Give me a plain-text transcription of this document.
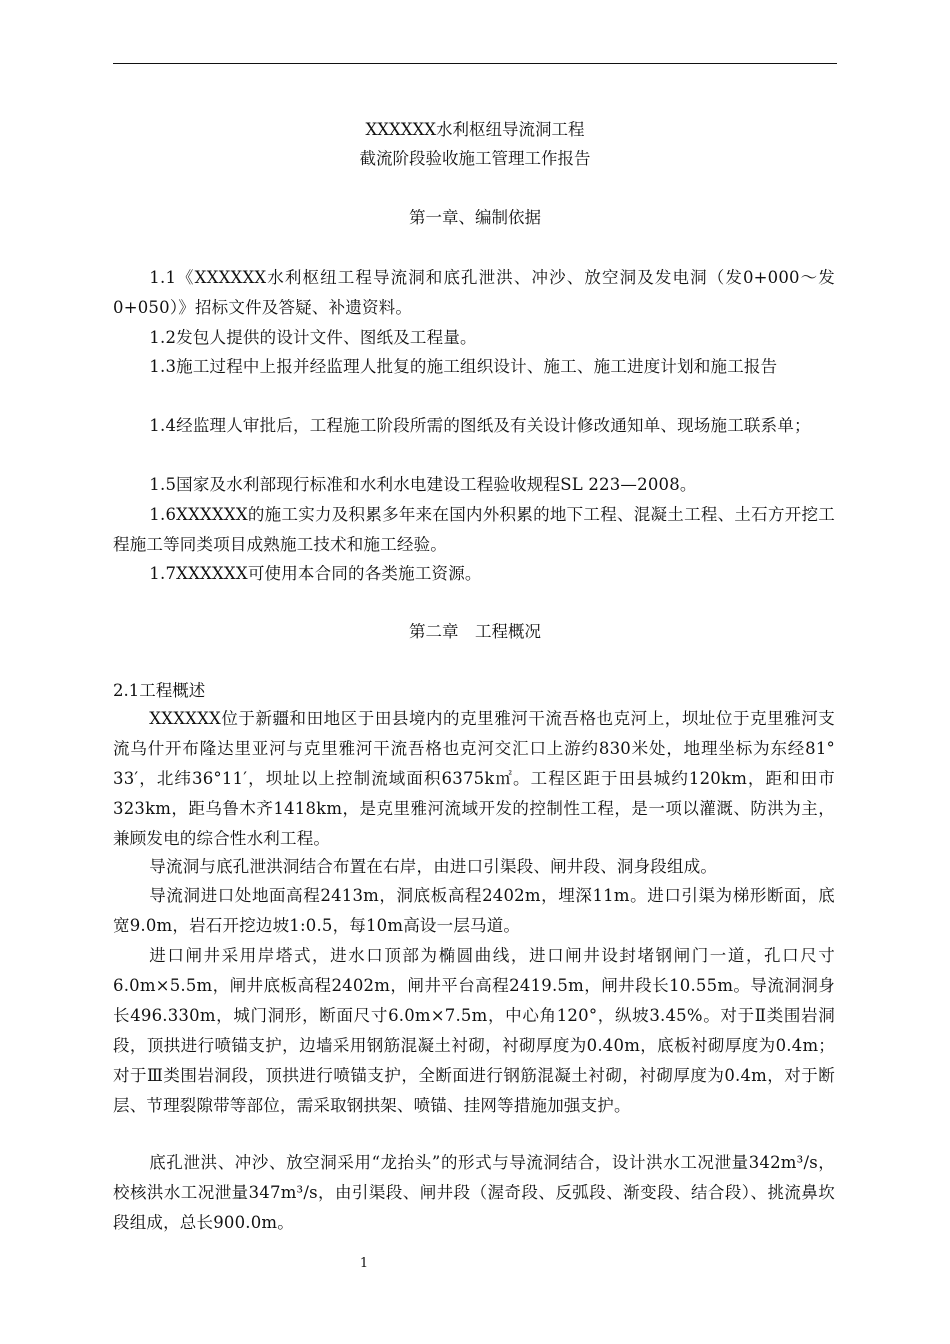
XXXXXX水利枢纽导流洞工程
截流阶段验收施工管理工作报告
第一章、编制依据
1.1《XXXXXX水利枢纽工程导流洞和底孔泄洪、冲沙、放空洞及发电洞（发0+000～发0+050）》招标文件及答疑、补遗资料。
1.2发包人提供的设计文件、图纸及工程量。
1.3施工过程中上报并经监理人批复的施工组织设计、施工、施工进度计划和施工报告
1.4经监理人审批后，工程施工阶段所需的图纸及有关设计修改通知单、现场施工联系单；
1.5国家及水利部现行标准和水利水电建设工程验收规程SL 223—2008。
1.6XXXXXX的施工实力及积累多年来在国内外积累的地下工程、混凝土工程、土石方开挖工程施工等同类项目成熟施工技术和施工经验。
1.7XXXXXX可使用本合同的各类施工资源。
第二章　工程概况
2.1工程概述
XXXXXX位于新疆和田地区于田县境内的克里雅河干流吾格也克河上，坝址位于克里雅河支流乌什开布隆达里亚河与克里雅河干流吾格也克河交汇口上游约830米处，地理坐标为东经81° 33′，北纬36°11′，坝址以上控制流域面积6375k㎡。工程区距于田县城约120km，距和田市323km，距乌鲁木齐1418km，是克里雅河流域开发的控制性工程，是一项以灌溉、防洪为主，兼顾发电的综合性水利工程。
导流洞与底孔泄洪洞结合布置在右岸，由进口引渠段、闸井段、洞身段组成。
导流洞进口处地面高程2413m，洞底板高程2402m，埋深11m。进口引渠为梯形断面，底宽9.0m，岩石开挖边坡1:0.5，每10m高设一层马道。
进口闸井采用岸塔式，进水口顶部为椭圆曲线，进口闸井设封堵钢闸门一道，孔口尺寸6.0m×5.5m，闸井底板高程2402m，闸井平台高程2419.5m，闸井段长10.55m。导流洞洞身长496.330m，城门洞形，断面尺寸6.0m×7.5m，中心角120°，纵坡3.45%。对于Ⅱ类围岩洞段，顶拱进行喷锚支护，边墙采用钢筋混凝土衬砌，衬砌厚度为0.40m，底板衬砌厚度为0.4m；对于Ⅲ类围岩洞段，顶拱进行喷锚支护，全断面进行钢筋混凝土衬砌，衬砌厚度为0.4m，对于断层、节理裂隙带等部位，需采取钢拱架、喷锚、挂网等措施加强支护。
底孔泄洪、冲沙、放空洞采用“龙抬头”的形式与导流洞结合，设计洪水工况泄量342m³/s，校核洪水工况泄量347m³/s，由引渠段、闸井段（渥奇段、反弧段、渐变段、结合段）、挑流鼻坎段组成，总长900.0m。
1
